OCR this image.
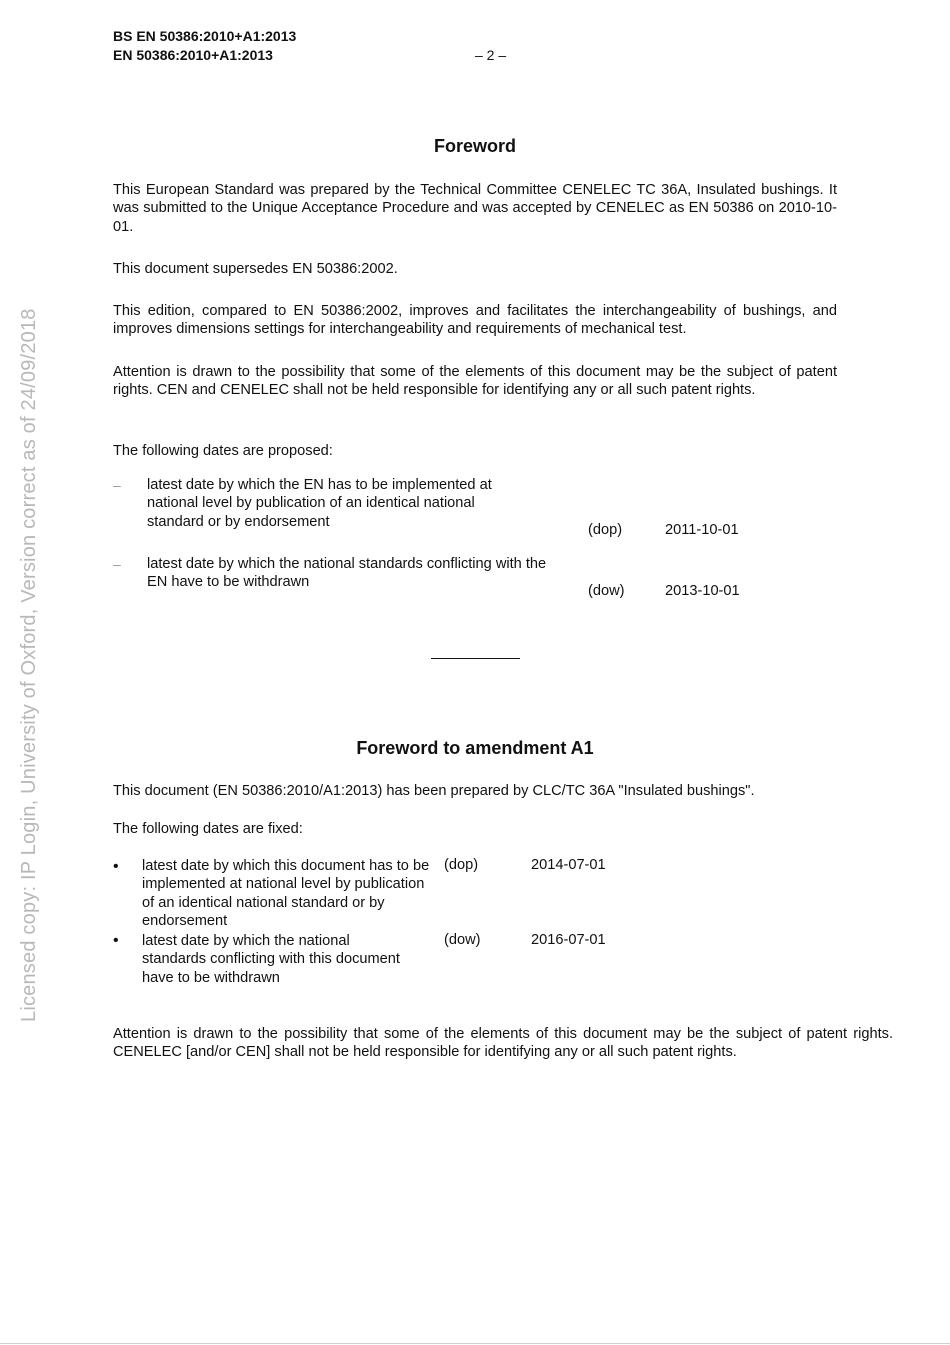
BS EN 50386:2010+A1:2013
EN 50386:2010+A1:2013	– 2 –
Licensed copy: IP Login, University of Oxford, Version correct as of 24/09/2018
Foreword
This European Standard was prepared by the Technical Committee CENELEC TC 36A, Insulated bushings. It was submitted to the Unique Acceptance Procedure and was accepted by CENELEC as EN 50386 on 2010-10-01.
This document supersedes EN 50386:2002.
This edition, compared to EN 50386:2002, improves and facilitates the interchangeability of bushings, and improves dimensions settings for interchangeability and requirements of mechanical test.
Attention is drawn to the possibility that some of the elements of this document may be the subject of patent rights. CEN and CENELEC shall not be held responsible for identifying any or all such patent rights.
The following dates are proposed:
– latest date by which the EN has to be implemented at national level by publication of an identical national standard or by endorsement
(dop)	2011-10-01
– latest date by which the national standards conflicting with the EN have to be withdrawn
(dow)	2013-10-01
Foreword to amendment A1
This document (EN 50386:2010/A1:2013) has been prepared by CLC/TC 36A "Insulated bushings".
The following dates are fixed:
• latest date by which this document has to be implemented at national level by publication of an identical national standard or by endorsement
(dop)	2014-07-01
• latest date by which the national standards conflicting with this document have to be withdrawn
(dow)	2016-07-01
Attention is drawn to the possibility that some of the elements of this document may be the subject of patent rights. CENELEC [and/or CEN] shall not be held responsible for identifying any or all such patent rights.
